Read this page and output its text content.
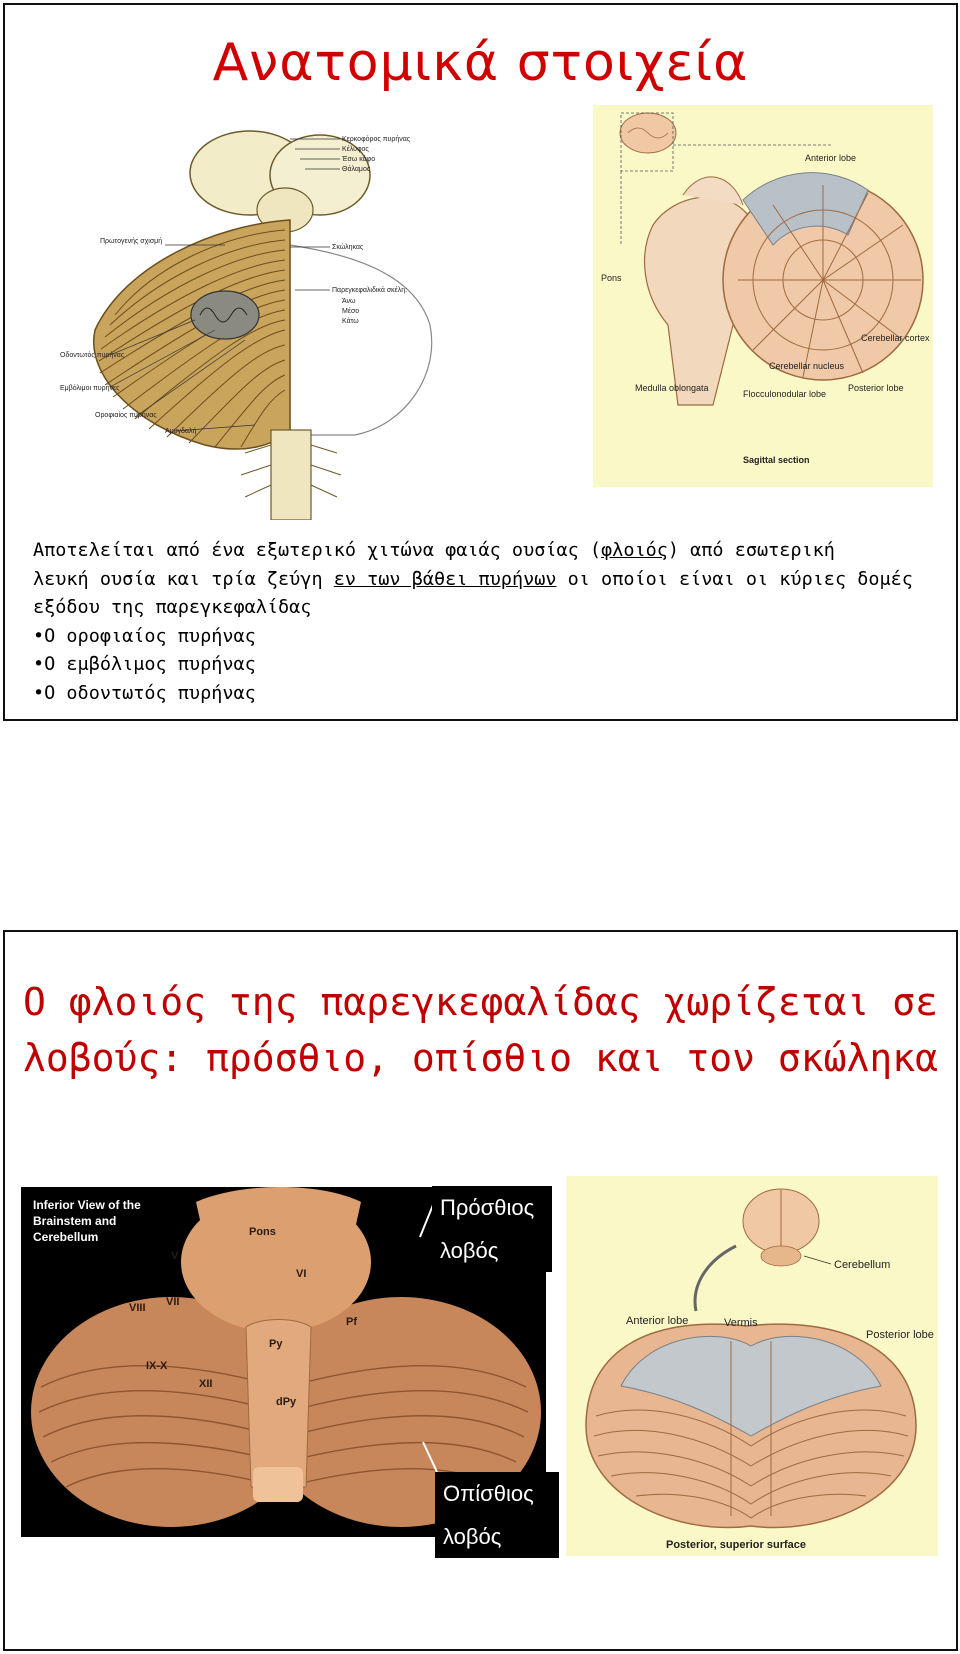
Ανατομικά στοιχεία
Κερκοφόρος πυρήνας
Κέλυφος
Έσω κάφο
Θάλαμος
Πρωτογενής σχισμή
Σκώληκας
Παρεγκεφαλιδικά σκέλη:
Άνω
Μέσο
Κάτω
Οδοντωτός πυρήνας
Εμβόλιμοι πυρήνες
Οροφιαίος πυρήνας
Αμυγδαλή
Anterior lobe
Pons
Cerebellar cortex
Cerebellar nucleus
Medulla oblongata
Flocculonodular lobe
Posterior lobe
Sagittal section

Αποτελείται από ένα εξωτερικό χιτώνα φαιάς ουσίας (φλοιός) από εσωτερική

λευκή ουσία και τρία ζεύγη εν των βάθει πυρήνων οι οποίοι είναι οι κύριες δομές

εξόδου της παρεγκεφαλίδας

•Ο οροφιαίος πυρήνας

•Ο εμβόλιμος πυρήνας

•Ο οδοντωτός πυρήνας

Ο φλοιός της παρεγκεφαλίδας χωρίζεται σε
λοβούς: πρόσθιο, οπίσθιο και τον σκώληκα
Inferior View of the
Brainstem and
Cerebellum	Pons
V
VI
VII
VIII
IX-X
XII
Py
dPy
Pf
Cerebellum
Anterior lobe	Vermis
Posterior lobe
Posterior, superior surface
Πρόσθιος
λοβός
Οπίσθιος
λοβός
